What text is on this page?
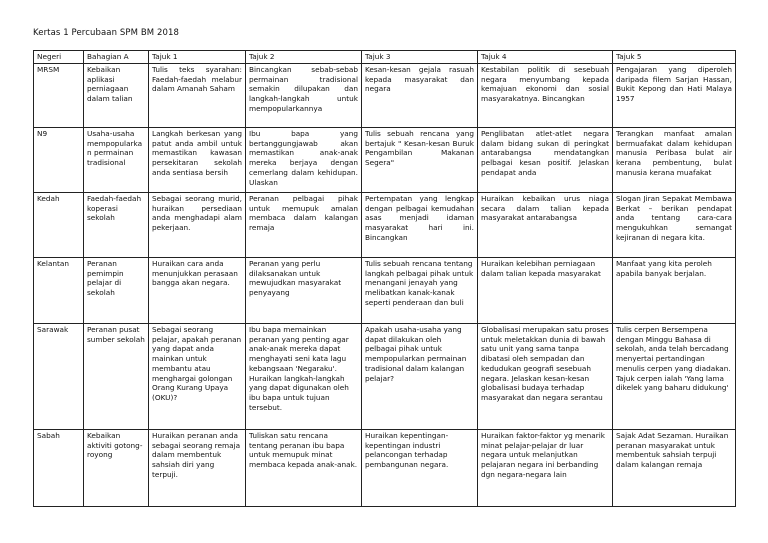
Kertas 1 Percubaan SPM BM 2018
Negeri	Bahagian A	Tajuk 1	Tajuk 2	Tajuk 3	Tajuk 4	Tajuk 5
MRSM	Kebaikan aplikasi perniagaan dalam talian	Tulis teks syarahan: Faedah-faedah melabur dalam Amanah Saham	Bincangkan sebab-sebab permainan tradisional semakin dilupakan dan langkah-langkah untuk mempopularkannya	Kesan-kesan gejala rasuah kepada masyarakat dan negara	Kestabilan politik di sesebuah negara menyumbang kepada kemajuan ekonomi dan sosial masyarakatnya. Bincangkan	Pengajaran yang diperoleh daripada filem Sarjan Hassan, Bukit Kepong dan Hati Malaya 1957
N9	Usaha-usaha mempopularkan permainan tradisional	Langkah berkesan yang patut anda ambil untuk memastikan kawasan persekitaran sekolah anda sentiasa bersih	Ibu bapa yang bertanggungjawab akan memastikan anak-anak mereka berjaya dengan cemerlang dalam kehidupan. Ulaskan	Tulis sebuah rencana yang bertajuk " Kesan-kesan Buruk Pengambilan Makanan Segera"	Penglibatan atlet-atlet negara dalam bidang sukan di peringkat antarabangsa mendatangkan pelbagai kesan positif. Jelaskan pendapat anda	Terangkan manfaat amalan bermuafakat dalam kehidupan manusia Peribasa bulat air kerana pembentung, bulat manusia kerana muafakat
Kedah	Faedah-faedah koperasi sekolah	Sebagai seorang murid, huraikan persediaan anda menghadapi alam pekerjaan.	Peranan pelbagai pihak untuk memupuk amalan membaca dalam kalangan remaja	Pertempatan yang lengkap dengan pelbagai kemudahan asas menjadi idaman masyarakat hari ini. Bincangkan	Huraikan kebaikan urus niaga secara dalam talian kepada masyarakat antarabangsa	Slogan Jiran Sepakat Membawa Berkat – berikan pendapat anda tentang cara-cara mengukuhkan semangat kejiranan di negara kita.
Kelantan	Peranan pemimpin pelajar di sekolah	Huraikan cara anda menunjukkan perasaan bangga akan negara.	Peranan yang perlu dilaksanakan untuk mewujudkan masyarakat penyayang	Tulis sebuah rencana tentang langkah pelbagai pihak untuk menangani jenayah yang melibatkan kanak-kanak seperti penderaan dan buli	Huraikan kelebihan perniagaan dalam talian kepada masyarakat	Manfaat yang kita peroleh apabila banyak berjalan.
Sarawak	Peranan pusat sumber sekolah	Sebagai seorang pelajar, apakah peranan yang dapat anda mainkan untuk membantu atau menghargai golongan Orang Kurang Upaya (OKU)?	Ibu bapa memainkan peranan yang penting agar anak-anak mereka dapat menghayati seni kata lagu kebangsaan 'Negaraku'. Huraikan langkah-langkah yang dapat digunakan oleh ibu bapa untuk tujuan tersebut.	Apakah usaha-usaha yang dapat dilakukan oleh pelbagai pihak untuk mempopularkan permainan tradisional dalam kalangan pelajar?	Globalisasi merupakan satu proses untuk meletakkan dunia di bawah satu unit yang sama tanpa dibatasi oleh sempadan dan kedudukan geografi sesebuah negara. Jelaskan kesan-kesan globalisasi budaya terhadap masyarakat dan negara serantau	Tulis cerpen Bersempena dengan Minggu Bahasa di sekolah, anda telah bercadang menyertai pertandingan menulis cerpen yang diadakan. Tajuk cerpen ialah 'Yang lama dikelek yang baharu didukung'
Sabah	Kebaikan aktiviti gotong-royong	Huraikan peranan anda sebagai seorang remaja dalam membentuk sahsiah diri yang terpuji.	Tuliskan satu rencana tentang peranan ibu bapa untuk memupuk minat membaca kepada anak-anak.	Huraikan kepentingan-kepentingan industri pelancongan terhadap pembangunan negara.	Huraikan faktor-faktor yg menarik minat pelajar-pelajar dr luar negara untuk melanjutkan pelajaran negara ini berbanding dgn negara-negara lain	Sajak Adat Sezaman. Huraikan peranan masyarakat untuk membentuk sahsiah terpuji dalam kalangan remaja
